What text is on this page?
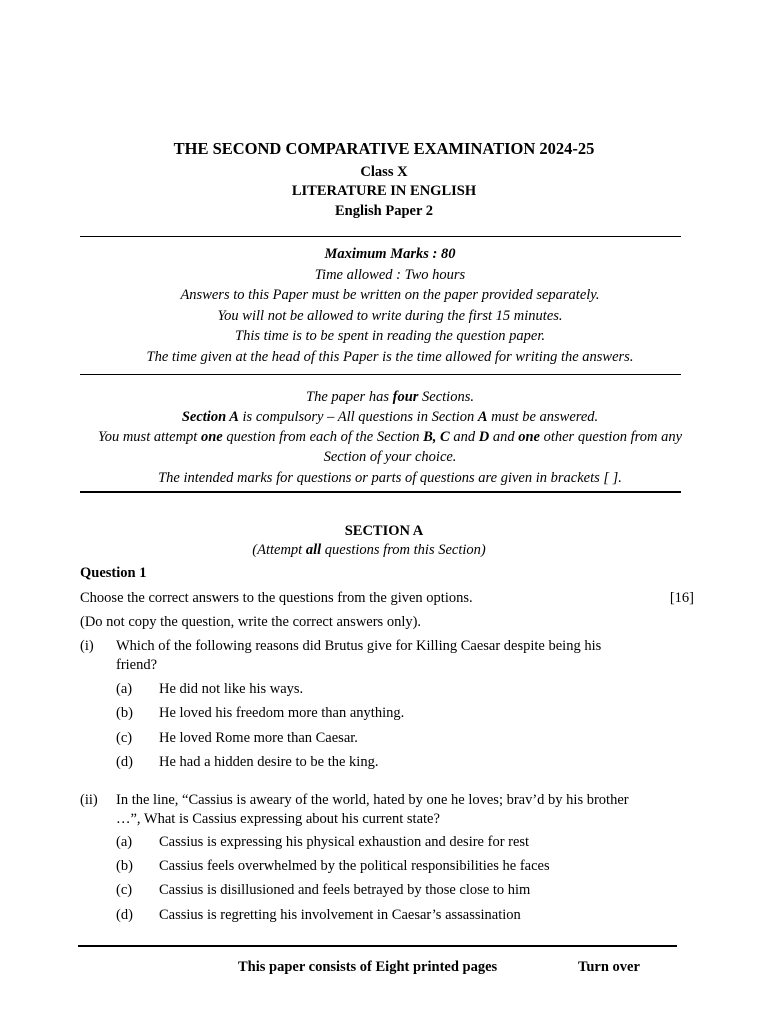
THE SECOND COMPARATIVE EXAMINATION 2024-25
Class X
LITERATURE IN ENGLISH
English Paper 2
Maximum Marks : 80
Time allowed : Two hours
Answers to this Paper must be written on the paper provided separately.
You will not be allowed to write during the first 15 minutes.
This time is to be spent in reading the question paper.
The time given at the head of this Paper is the time allowed for writing the answers.
The paper has four Sections.
Section A is compulsory – All questions in Section A must be answered.
You must attempt one question from each of the Section B, C and D and one other question from any
Section of your choice.
The intended marks for questions or parts of questions are given in brackets [ ].
SECTION A
(Attempt all questions from this Section)
Question 1
Choose the correct answers to the questions from the given options.	[16]
(Do not copy the question, write the correct answers only).
(i) Which of the following reasons did Brutus give for Killing Caesar despite being his friend?
(a) He did not like his ways.
(b) He loved his freedom more than anything.
(c) He loved Rome more than Caesar.
(d) He had a hidden desire to be the king.
(ii) In the line, “Cassius is aweary of the world, hated by one he loves; brav’d by his brother …”, What is Cassius expressing about his current state?
(a) Cassius is expressing his physical exhaustion and desire for rest
(b) Cassius feels overwhelmed by the political responsibilities he faces
(c) Cassius is disillusioned and feels betrayed by those close to him
(d) Cassius is regretting his involvement in Caesar’s assassination
This paper consists of Eight printed pages	Turn over
